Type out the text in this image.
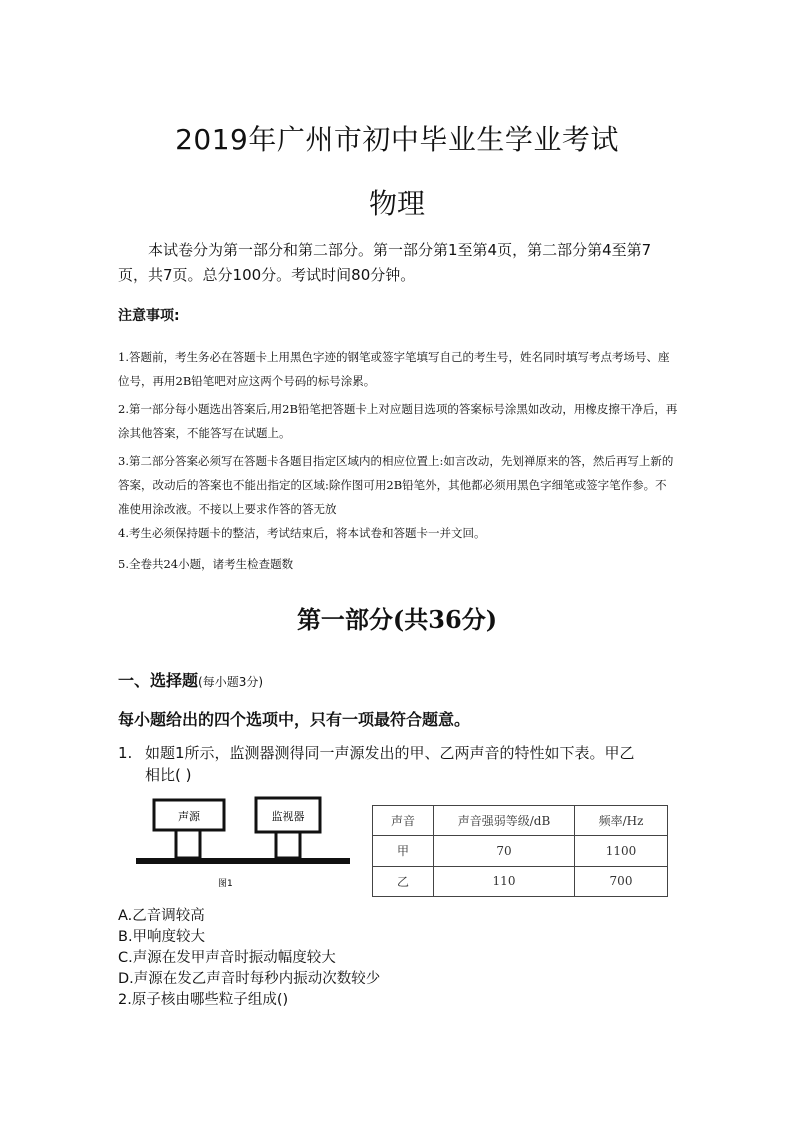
2019年广州市初中毕业生学业考试
物理
本试卷分为第一部分和第二部分。第一部分第1至第4页，第二部分第4至第7页，共7页。总分100分。考试时间80分钟。
注意事项:
1.答题前，考生务必在答题卡上用黑色字迹的钢笔或签字笔填写自己的考生号，姓名同时填写考点考场号、座位号，再用2B铅笔吧对应这两个号码的标号涂累。
2.第一部分每小题选出答案后,用2B铅笔把答题卡上对应题目选项的答案标号涂黑如改动，用橡皮擦干净后，再涂其他答案，不能答写在试题上。
3.第二部分答案必须写在答题卡各题目指定区域内的相应位置上:如言改动，先划禅原来的答，然后再写上新的答案，改动后的答案也不能出指定的区域:除作图可用2B铅笔外，其他都必须用黑色字细笔或签字笔作参。不准使用涂改液。不接以上要求作答的答无放
4.考生必须保持题卡的整洁，考试结束后，将本试卷和答题卡一并文回。
5.全卷共24小题，诸考生检查题数
第一部分(共36分)
一、选择题(每小题3分)
每小题给出的四个选项中，只有一项最符合题意。
1. 如题1所示，监测器测得同一声源发出的甲、乙两声音的特性如下表。甲乙
相比( )
声源	监视器
图1
声音	声音强弱等级/dB	频率/Hz
甲	70	1100
乙	110	700
A.乙音调较高
B.甲响度较大
C.声源在发甲声音时振动幅度较大
D.声源在发乙声音时每秒内振动次数较少
2.原子核由哪些粒子组成()
